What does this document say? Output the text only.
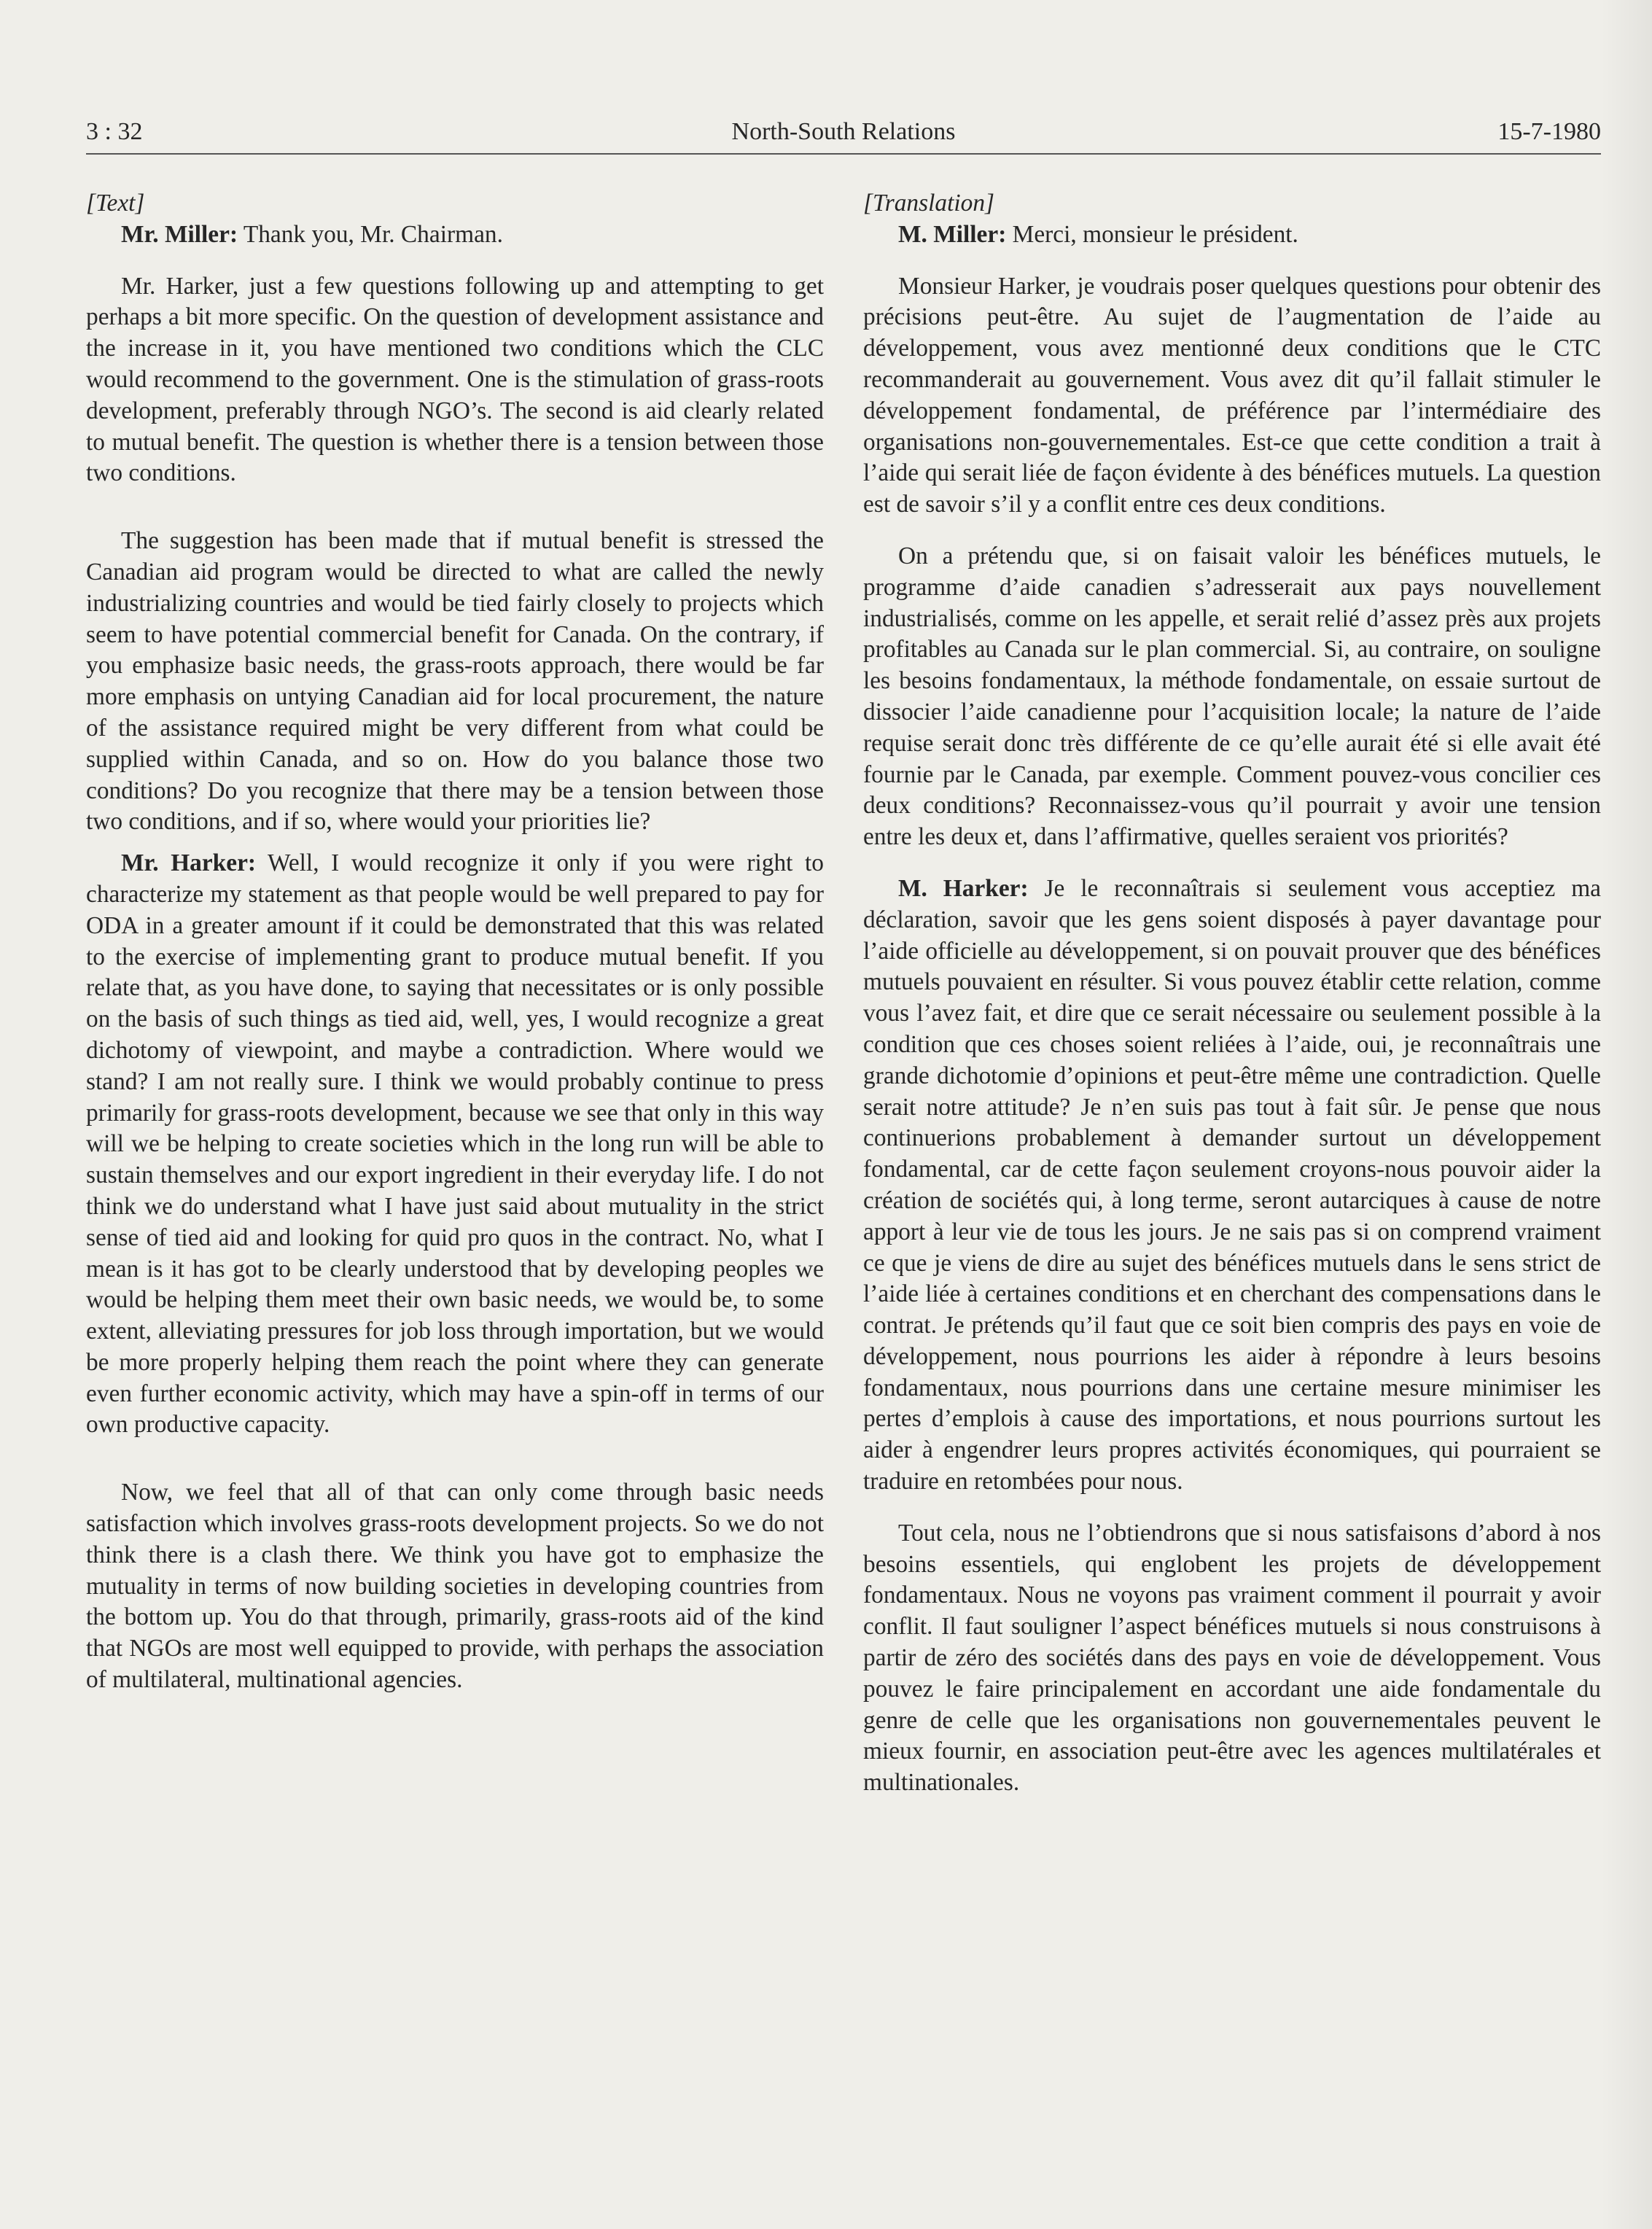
3 : 32	North-South Relations	15-7-1980

[Text]

Mr. Miller: Thank you, Mr. Chairman.

Mr. Harker, just a few questions following up and attempting to get perhaps a bit more specific. On the question of development assistance and the increase in it, you have mentioned two conditions which the CLC would recommend to the government. One is the stimulation of grass-roots development, preferably through NGO’s. The second is aid clearly related to mutual benefit. The question is whether there is a tension between those two conditions.

The suggestion has been made that if mutual benefit is stressed the Canadian aid program would be directed to what are called the newly industrializing countries and would be tied fairly closely to projects which seem to have potential commercial benefit for Canada. On the contrary, if you emphasize basic needs, the grass-roots approach, there would be far more emphasis on untying Canadian aid for local procurement, the nature of the assistance required might be very different from what could be supplied within Canada, and so on. How do you balance those two conditions? Do you recognize that there may be a tension between those two conditions, and if so, where would your priorities lie?

Mr. Harker: Well, I would recognize it only if you were right to characterize my statement as that people would be well prepared to pay for ODA in a greater amount if it could be demonstrated that this was related to the exercise of implementing grant to produce mutual benefit. If you relate that, as you have done, to saying that necessitates or is only possible on the basis of such things as tied aid, well, yes, I would recognize a great dichotomy of viewpoint, and maybe a contradiction. Where would we stand? I am not really sure. I think we would probably continue to press primarily for grass-roots development, because we see that only in this way will we be helping to create societies which in the long run will be able to sustain themselves and our export ingredient in their everyday life. I do not think we do understand what I have just said about mutuality in the strict sense of tied aid and looking for quid pro quos in the contract. No, what I mean is it has got to be clearly understood that by developing peoples we would be helping them meet their own basic needs, we would be, to some extent, alleviating pressures for job loss through importation, but we would be more properly helping them reach the point where they can generate even further economic activity, which may have a spin-off in terms of our own productive capacity.

Now, we feel that all of that can only come through basic needs satisfaction which involves grass-roots development projects. So we do not think there is a clash there. We think you have got to emphasize the mutuality in terms of now building societies in developing countries from the bottom up. You do that through, primarily, grass-roots aid of the kind that NGOs are most well equipped to provide, with perhaps the association of multilateral, multinational agencies.

[Translation]

M. Miller: Merci, monsieur le président.

Monsieur Harker, je voudrais poser quelques questions pour obtenir des précisions peut-être. Au sujet de l’augmentation de l’aide au développement, vous avez mentionné deux conditions que le CTC recommanderait au gouvernement. Vous avez dit qu’il fallait stimuler le développement fondamental, de préférence par l’intermédiaire des organisations non-gouvernementales. Est-ce que cette condition a trait à l’aide qui serait liée de façon évidente à des bénéfices mutuels. La question est de savoir s’il y a conflit entre ces deux conditions.

On a prétendu que, si on faisait valoir les bénéfices mutuels, le programme d’aide canadien s’adresserait aux pays nouvellement industrialisés, comme on les appelle, et serait relié d’assez près aux projets profitables au Canada sur le plan commercial. Si, au contraire, on souligne les besoins fondamentaux, la méthode fondamentale, on essaie surtout de dissocier l’aide canadienne pour l’acquisition locale; la nature de l’aide requise serait donc très différente de ce qu’elle aurait été si elle avait été fournie par le Canada, par exemple. Comment pouvez-vous concilier ces deux conditions? Reconnaissez-vous qu’il pourrait y avoir une tension entre les deux et, dans l’affirmative, quelles seraient vos priorités?

M. Harker: Je le reconnaîtrais si seulement vous acceptiez ma déclaration, savoir que les gens soient disposés à payer davantage pour l’aide officielle au développement, si on pouvait prouver que des bénéfices mutuels pouvaient en résulter. Si vous pouvez établir cette relation, comme vous l’avez fait, et dire que ce serait nécessaire ou seulement possible à la condition que ces choses soient reliées à l’aide, oui, je reconnaîtrais une grande dichotomie d’opinions et peut-être même une contradiction. Quelle serait notre attitude? Je n’en suis pas tout à fait sûr. Je pense que nous continuerions probablement à demander surtout un développement fondamental, car de cette façon seulement croyons-nous pouvoir aider la création de sociétés qui, à long terme, seront autarciques à cause de notre apport à leur vie de tous les jours. Je ne sais pas si on comprend vraiment ce que je viens de dire au sujet des bénéfices mutuels dans le sens strict de l’aide liée à certaines conditions et en cherchant des compensations dans le contrat. Je prétends qu’il faut que ce soit bien compris des pays en voie de développement, nous pourrions les aider à répondre à leurs besoins fondamentaux, nous pourrions dans une certaine mesure minimiser les pertes d’emplois à cause des importations, et nous pourrions surtout les aider à engendrer leurs propres activités économiques, qui pourraient se traduire en retombées pour nous.

Tout cela, nous ne l’obtiendrons que si nous satisfaisons d’abord à nos besoins essentiels, qui englobent les projets de développement fondamentaux. Nous ne voyons pas vraiment comment il pourrait y avoir conflit. Il faut souligner l’aspect bénéfices mutuels si nous construisons à partir de zéro des sociétés dans des pays en voie de développement. Vous pouvez le faire principalement en accordant une aide fondamentale du genre de celle que les organisations non gouvernementales peuvent le mieux fournir, en association peut-être avec les agences multilatérales et multinationales.
